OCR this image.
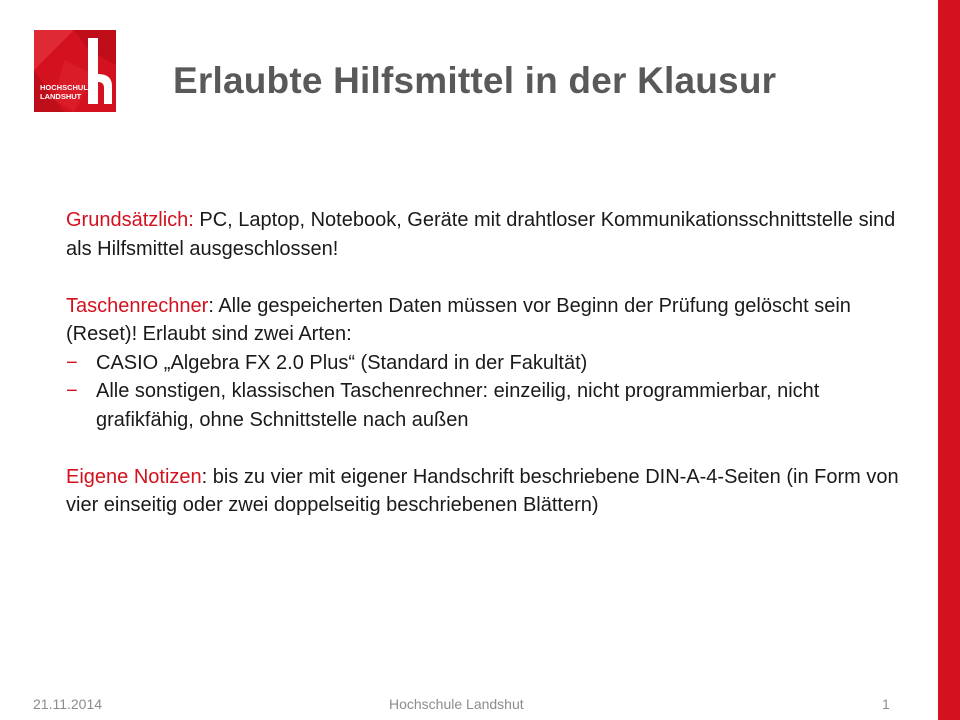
HOCHSCHULE
LANDSHUT Erlaubte Hilfsmittel in der Klausur

Grundsätzlich: PC, Laptop, Notebook, Geräte mit drahtloser Kommunikationsschnittstelle sind als Hilfsmittel ausgeschlossen!

Taschenrechner: Alle gespeicherten Daten müssen vor Beginn der Prüfung gelöscht sein (Reset)! Erlaubt sind zwei Arten:

− CASIO „Algebra FX 2.0 Plus“ (Standard in der Fakultät)

− Alle sonstigen, klassischen Taschenrechner: einzeilig, nicht programmierbar, nicht grafikfähig, ohne Schnittstelle nach außen

Eigene Notizen: bis zu vier mit eigener Handschrift beschriebene DIN-A-4-Seiten (in Form von vier einseitig oder zwei doppelseitig beschriebenen Blättern)

21.11.2014	Hochschule Landshut	1
